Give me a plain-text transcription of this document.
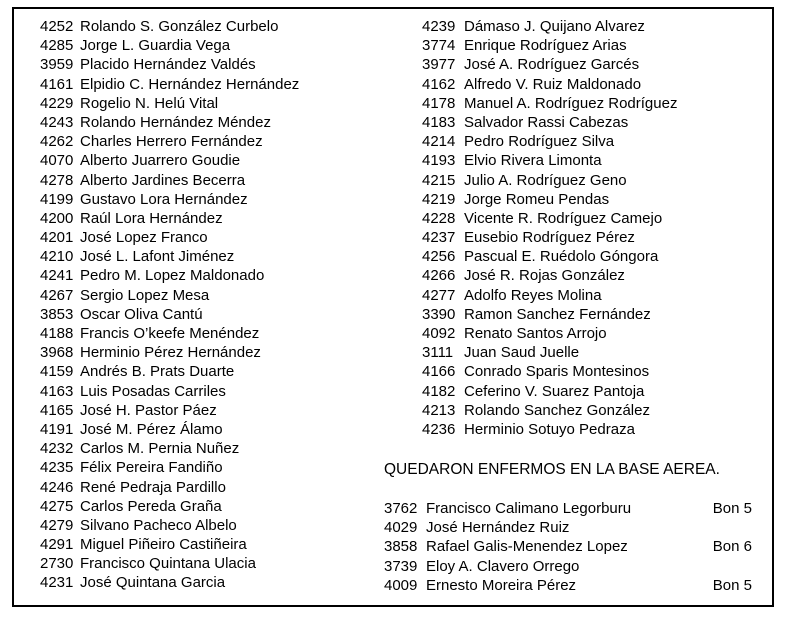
4252 Rolando S. González Curbelo
4285 Jorge L. Guardia Vega
3959 Placido Hernández Valdés
4161 Elpidio C. Hernández Hernández
4229 Rogelio N. Helú Vital
4243 Rolando Hernández Méndez
4262 Charles Herrero Fernández
4070 Alberto Juarrero Goudie
4278 Alberto Jardines Becerra
4199 Gustavo Lora Hernández
4200 Raúl Lora Hernández
4201 José Lopez Franco
4210 José L. Lafont Jiménez
4241 Pedro M. Lopez Maldonado
4267 Sergio Lopez Mesa
3853 Oscar Oliva Cantú
4188 Francis O’keefe Menéndez
3968 Herminio Pérez Hernández
4159 Andrés B. Prats Duarte
4163 Luis Posadas Carriles
4165 José H. Pastor Páez
4191 José M. Pérez Álamo
4232 Carlos M. Pernia Nuñez
4235 Félix Pereira Fandiño
4246 René Pedraja Pardillo
4275 Carlos Pereda Graña
4279 Silvano Pacheco Albelo
4291 Miguel Piñeiro Castiñeira
2730 Francisco Quintana Ulacia
4231 José Quintana Garcia
4239 Dámaso J. Quijano Alvarez
3774 Enrique Rodríguez Arias
3977 José A. Rodríguez Garcés
4162 Alfredo V. Ruiz Maldonado
4178 Manuel A. Rodríguez Rodríguez
4183 Salvador Rassi Cabezas
4214 Pedro Rodríguez Silva
4193 Elvio Rivera Limonta
4215 Julio A. Rodríguez Geno
4219 Jorge Romeu Pendas
4228 Vicente R. Rodríguez Camejo
4237 Eusebio Rodríguez Pérez
4256 Pascual E. Ruédolo Góngora
4266 José R. Rojas González
4277 Adolfo Reyes Molina
3390 Ramon Sanchez Fernández
4092 Renato Santos Arrojo
3111 Juan Saud Juelle
4166 Conrado Sparis Montesinos
4182 Ceferino V. Suarez Pantoja
4213 Rolando Sanchez González
4236 Herminio Sotuyo Pedraza
QUEDARON ENFERMOS EN LA BASE AEREA.
3762 Francisco Calimano Legorburu	Bon 5
4029 José Hernández Ruiz
3858 Rafael Galis-Menendez Lopez	Bon 6
3739 Eloy A. Clavero Orrego
4009 Ernesto Moreira Pérez	Bon 5
